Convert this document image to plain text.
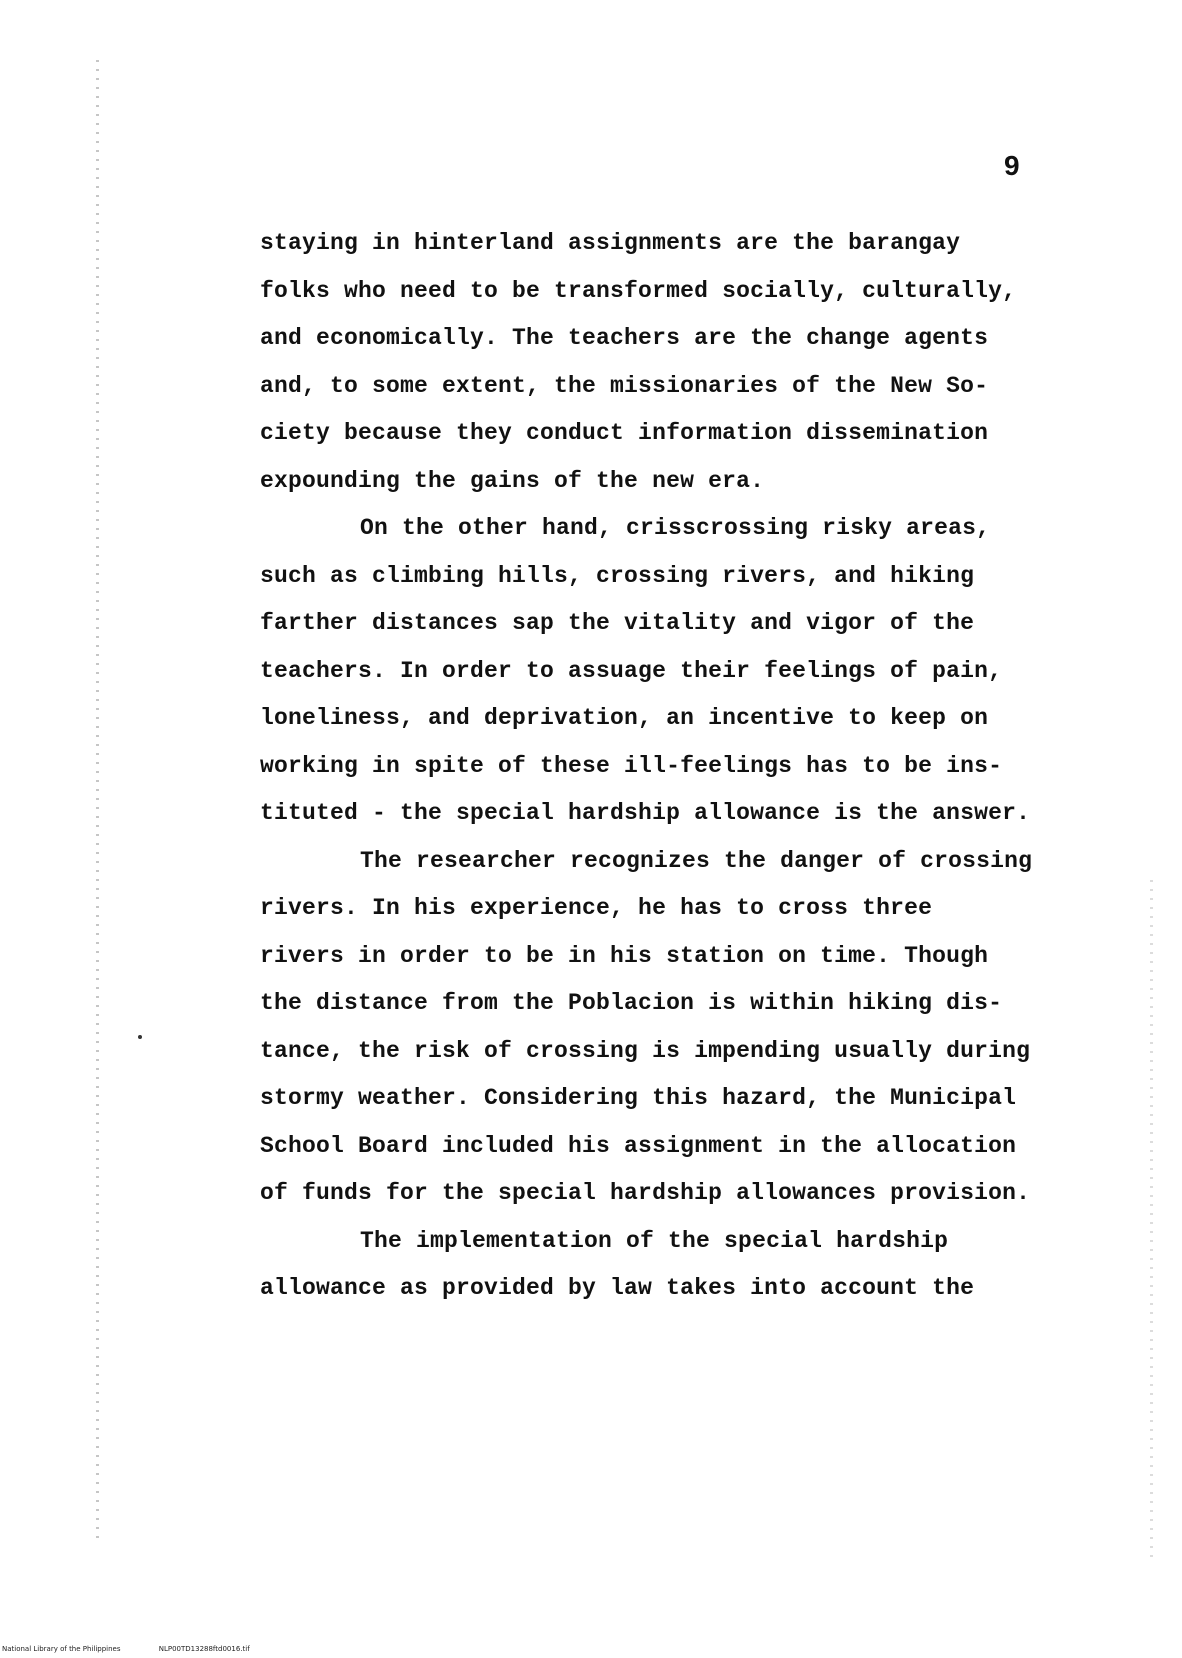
9
staying in hinterland assignments are the barangay
folks who need to be transformed socially, culturally,
and economically. The teachers are the change agents
and, to some extent, the missionaries of the New So-
ciety because they conduct information dissemination
expounding the gains of the new era.
On the other hand, crisscrossing risky areas,
such as climbing hills, crossing rivers, and hiking
farther distances sap the vitality and vigor of the
teachers. In order to assuage their feelings of pain,
loneliness, and deprivation, an incentive to keep on
working in spite of these ill-feelings has to be ins-
tituted - the special hardship allowance is the answer.
The researcher recognizes the danger of crossing
rivers. In his experience, he has to cross three
rivers in order to be in his station on time. Though
the distance from the Poblacion is within hiking dis-
tance, the risk of crossing is impending usually during
stormy weather. Considering this hazard, the Municipal
School Board included his assignment in the allocation
of funds for the special hardship allowances provision.
The implementation of the special hardship
allowance as provided by law takes into account the
National Library of the Philippines	NLP00TD13288ftd0016.tif
